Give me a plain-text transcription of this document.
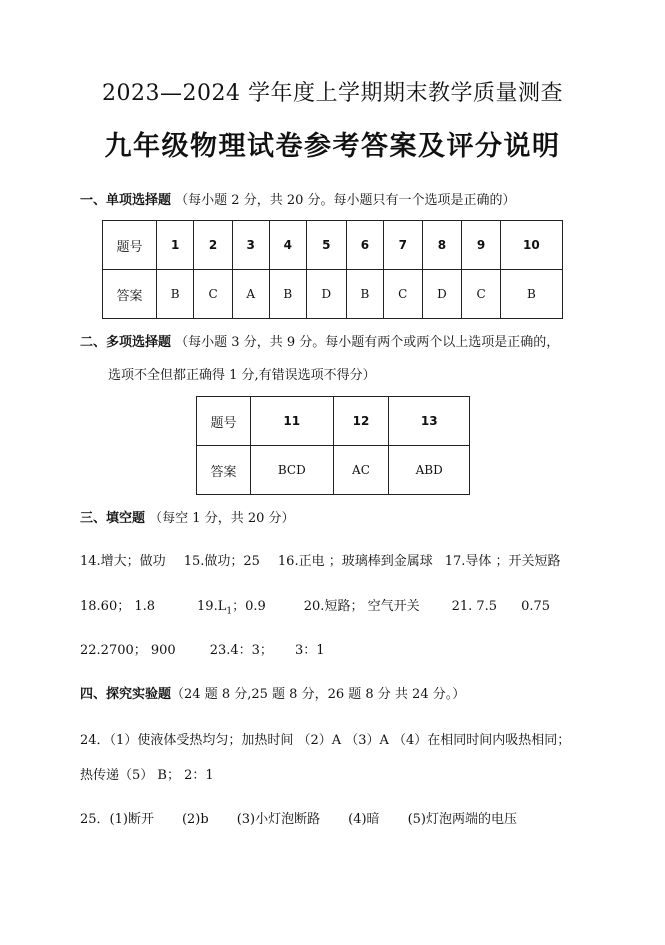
2023—2024 学年度上学期期末教学质量测查
九年级物理试卷参考答案及评分说明
一、单项选择题 （每小题 2 分，共 20 分。每小题只有一个选项是正确的）
题号	1	2	3	4	5	6	7	8	9	10
答案	B	C	A	B	D	B	C	D	C	B
二、多项选择题 （每小题 3 分，共 9 分。每小题有两个或两个以上选项是正确的，
选项不全但都正确得 1 分,有错误选项不得分）
题号	11	12	13
答案	BCD	AC	ABD
三、填空题 （每空 1 分，共 20 分）
14.增大；做功 15.做功；25 16.正电 ；玻璃棒到金属球 17.导体 ；开关短路
18.60； 1.8	$19.L_1$；0.9	20.短路； 空气开关 21. 7.5 0.75
22.2700； 900	23.4：3； 3：1
四、探究实验题（24 题 8 分,25 题 8 分，26 题 8 分 共 24 分。）
24．（1）使液体受热均匀；加热时间 （2）A （3）A （4）在相同时间内吸热相同；
热传递（5） B； 2：1
25．(1)断开 (2)b (3)小灯泡断路 (4)暗 (5)灯泡两端的电压
